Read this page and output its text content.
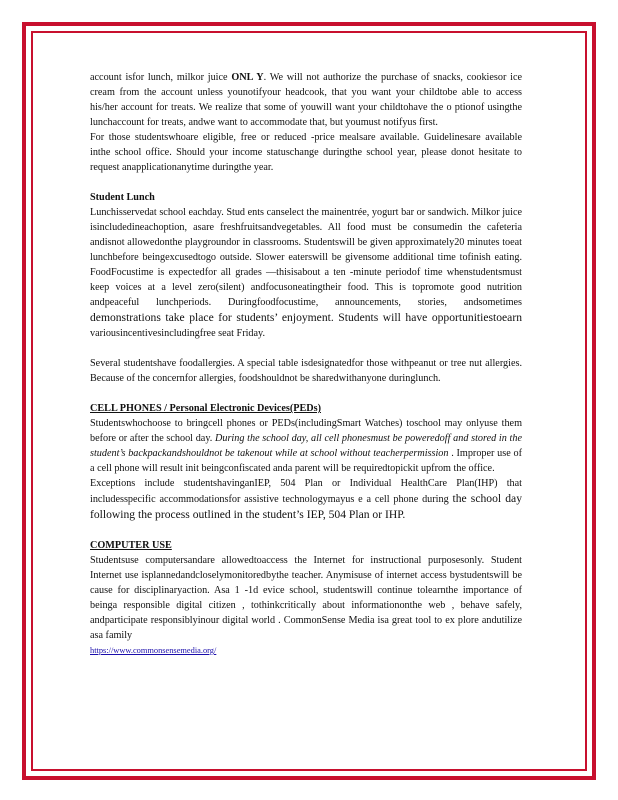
account isfor lunch, milkor juice ONL Y. We will not authorize the purchase of snacks, cookiesor ice cream from the account unless younotifyour headcook, that you want your childtobe able to access his/her account for treats. We realize that some of youwill want your childtohave the o ptionof usingthe lunchaccount for treats, andwe want to accommodate that, but youmust notifyus first.

For those studentswhoare eligible, free or reduced -price mealsare available. Guidelinesare available inthe school office. Should your income statuschange duringthe school year, please donot hesitate to request anapplicationanytime duringthe year.

Student Lunch

Lunchisservedat school eachday. Stud ents canselect the mainentrée, yogurt bar or sandwich. Milkor juice isincludedineachoption, asare freshfruitsandvegetables. All food must be consumedin the cafeteria andisnot allowedonthe playgroundor in classrooms. Studentswill be given approximately20 minutes toeat lunchbefore beingexcusedtogo outside. Slower eaterswill be givensome additional time tofinish eating. FoodFocustime is expectedfor all grades —thisisabout a ten -minute periodof time whenstudentsmust keep voices at a level zero(silent) andfocusoneatingtheir food. This is topromote good nutrition andpeaceful lunchperiods. Duringfoodfocustime, announcements, stories, andsometimes demonstrations take place for students’ enjoyment. Students will have opportunitiestoearn variousincentivesincludingfree seat Friday.

Several studentshave foodallergies. A special table isdesignatedfor those withpeanut or tree nut allergies. Because of the concernfor allergies, foodshouldnot be sharedwithanyone duringlunch.

CELL PHONES / Personal Electronic Devices(PEDs)

Studentswhochoose to bringcell phones or PEDs(includingSmart Watches) toschool may onlyuse them before or after the school day. During the school day, all cell phonesmust be poweredoff and stored in the student’s backpackandshouldnot be takenout while at school without teacherpermission . Improper use of a cell phone will result init beingconfiscated anda parent will be requiredtopickit upfrom the office.

Exceptions include studentshavinganIEP, 504 Plan or Individual HealthCare Plan(IHP) that includesspecific accommodationsfor assistive technologymayus e a cell phone during the school day following the process outlined in the student’s IEP, 504 Plan or IHP.

COMPUTER USE

Studentsuse computersandare allowedtoaccess the Internet for instructional purposesonly. Student Internet use isplannedandcloselymonitoredbythe teacher. Anymisuse of internet access bystudentswill be cause for disciplinaryaction. Asa 1 -1d evice school, studentswill continue tolearnthe importance of beinga responsible digital citizen , tothinkcritically about informationonthe web , behave safely, andparticipate responsiblyinour digital world . CommonSense Media isa great tool to ex plore andutilize asa family

https://www.commonsensemedia.org/
